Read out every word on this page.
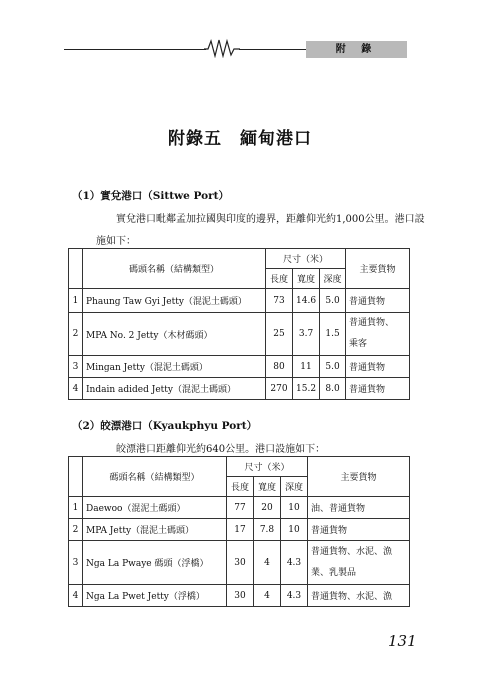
附 錄
附錄五　緬甸港口
（1）實兌港口（Sittwe Port）
實兌港口毗鄰孟加拉國與印度的邊界，距離仰光約1,000公里。港口設
施如下：
	碼頭名稱（結構類型）	尺寸（米）			主要貨物
		長度	寬度	深度	
1	Phaung Taw Gyi Jetty（混泥土碼頭）	73	14.6	5.0	普通貨物
2	MPA No. 2 Jetty（木材碼頭）	25	3.7	1.5	普通貨物、
乘客
3	Mingan Jetty（混泥土碼頭）	80	11	5.0	普通貨物
4	Indain adided Jetty（混泥土碼頭）	270	15.2	8.0	普通貨物
（2）皎漂港口（Kyaukphyu Port）
皎漂港口距離仰光約640公里。港口設施如下：
	碼頭名稱（結構類型）	尺寸（米）			主要貨物
		長度	寬度	深度	
1	Daewoo（混泥土碼頭）	77	20	10	油、普通貨物
2	MPA Jetty（混泥土碼頭）	17	7.8	10	普通貨物
3	Nga La Pwaye 碼頭（浮橋）	30	4	4.3	普通貨物、水泥、漁
業、乳製品
4	Nga La Pwet Jetty（浮橋）	30	4	4.3	普通貨物、水泥、漁
131
